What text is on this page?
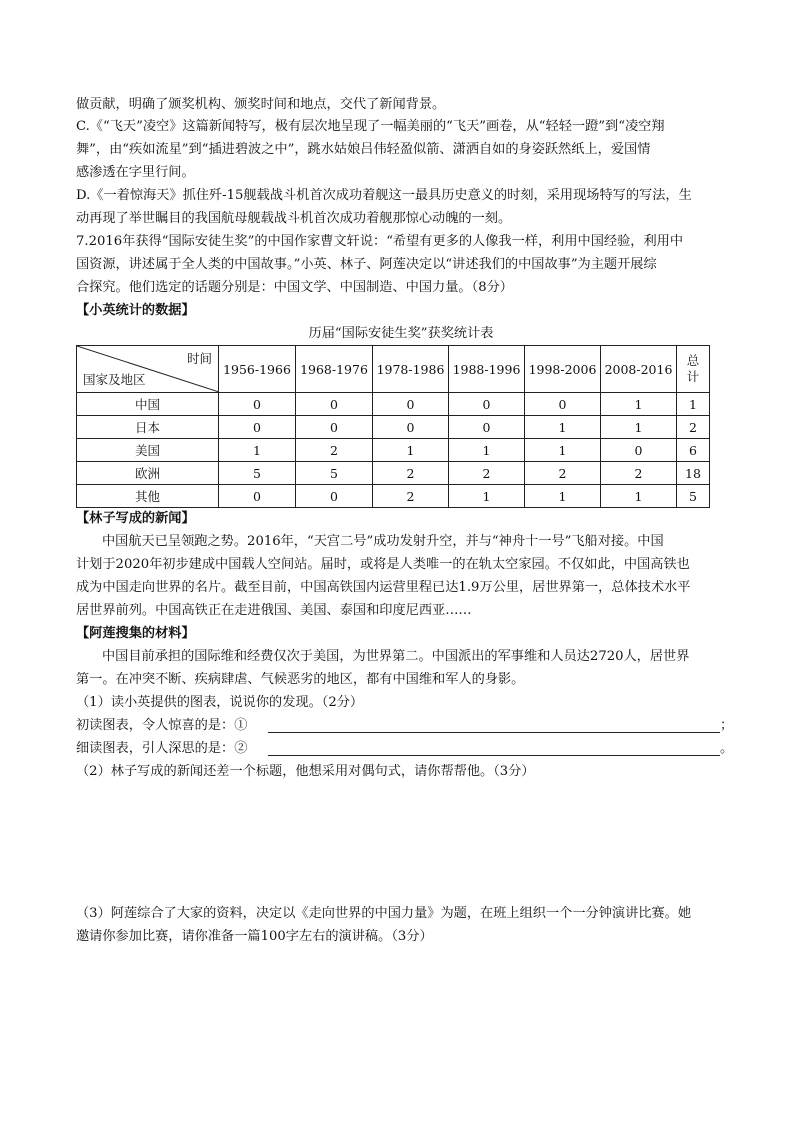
做贡献，明确了颁奖机构、颁奖时间和地点，交代了新闻背景。

C.《“飞天”凌空》这篇新闻特写，极有层次地呈现了一幅美丽的“飞天”画卷，从“轻轻一蹬”到“凌空翔

舞”，由“疾如流星”到“插进碧波之中”，跳水姑娘吕伟轻盈似箭、潇洒自如的身姿跃然纸上，爱国情

感渗透在字里行间。

D.《一着惊海天》抓住歼-15舰载战斗机首次成功着舰这一最具历史意义的时刻，采用现场特写的写法，生

动再现了举世瞩目的我国航母舰载战斗机首次成功着舰那惊心动魄的一刻。

7.2016年获得“国际安徒生奖”的中国作家曹文轩说：“希望有更多的人像我一样，利用中国经验，利用中

国资源，讲述属于全人类的中国故事。”小英、林子、阿莲决定以“讲述我们的中国故事”为主题开展综

合探究。他们选定的话题分别是：中国文学、中国制造、中国力量。（8分）

【小英统计的数据】

历届“国际安徒生奖”获奖统计表
时间
国家及地区	1956-1966	1968-1976	1978-1986	1988-1996	1998-2006	2008-2016	总
计
中国	0	0	0	0	0	1	1
日本	0	0	0	0	1	1	2
美国	1	2	1	1	1	0	6
欧洲	5	5	2	2	2	2	18
其他	0	0	2	1	1	1	5

【林子写成的新闻】

中国航天已呈领跑之势。2016年，“天宫二号”成功发射升空，并与“神舟十一号”飞船对接。中国

计划于2020年初步建成中国载人空间站。届时，或将是人类唯一的在轨太空家园。不仅如此，中国高铁也

成为中国走向世界的名片。截至目前，中国高铁国内运营里程已达1.9万公里，居世界第一，总体技术水平

居世界前列。中国高铁正在走进俄国、美国、泰国和印度尼西亚……

【阿莲搜集的材料】

中国目前承担的国际维和经费仅次于美国，为世界第二。中国派出的军事维和人员达2720人，居世界

第一。在冲突不断、疾病肆虐、气候恶劣的地区，都有中国维和军人的身影。

（1）读小英提供的图表，说说你的发现。（2分）

初读图表，令人惊喜的是：①	；

细读图表，引人深思的是：②	。

（2）林子写成的新闻还差一个标题，他想采用对偶句式，请你帮帮他。（3分）

（3）阿莲综合了大家的资料，决定以《走向世界的中国力量》为题，在班上组织一个一分钟演讲比赛。她

邀请你参加比赛，请你准备一篇100字左右的演讲稿。（3分）
